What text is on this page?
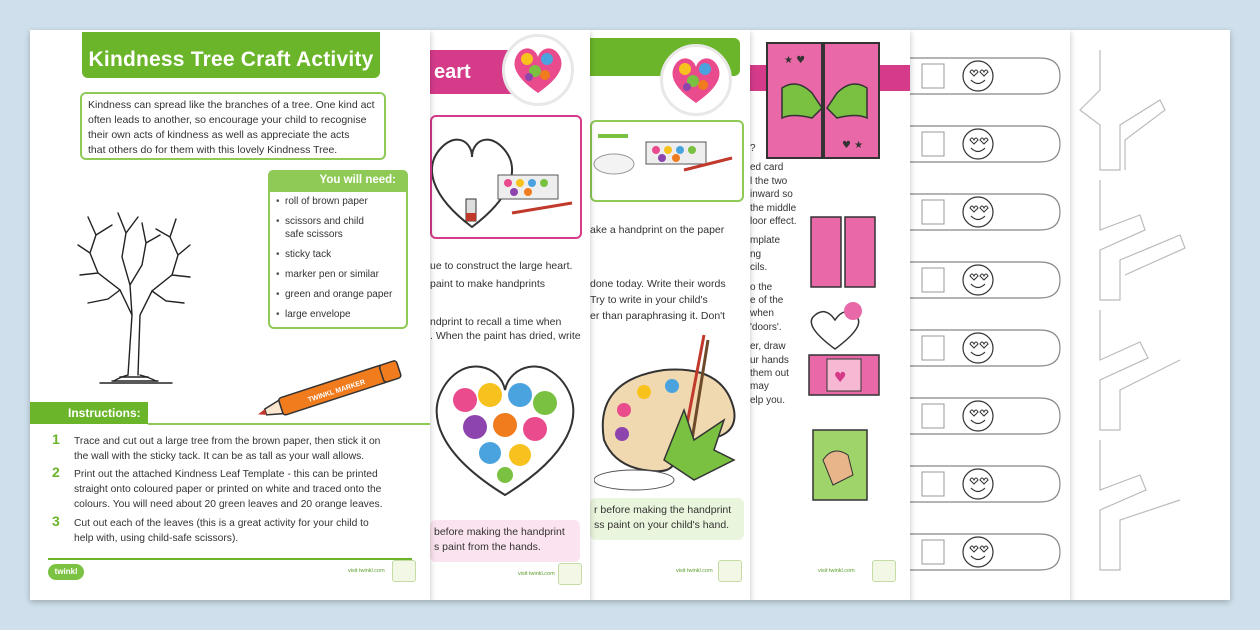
★ ♥
♥ ★
?
ed card
l the two
inward so
the middle
loor effect.
mplate
ng
cils.
o the
e of the
when
'doors'.
er, draw
ur hands
them out
may
elp you.
♥
visit twinkl.com
ake a handprint on the paper
done today. Write their words
Try to write in your child's
er than paraphrasing it. Don't
r before making the handprint
ss paint on your child's hand.
visit twinkl.com
eart
ue to construct the large heart.
paint to make handprints
ndprint to recall a time when
. When the paint has dried, write
before making the handprint
s paint from the hands.
visit twinkl.com
Kindness Tree Craft Activity
Kindness can spread like the branches of a tree. One kind act
often leads to another, so encourage your child to recognise
their own acts of kindness as well as appreciate the acts
that others do for them with this lovely Kindness Tree.
You will need:
• roll of brown paper
• scissors and child
safe scissors
• sticky tack
• marker pen or similar
• green and orange paper
• large envelope
TWINKL MARKER
Instructions:
1 Trace and cut out a large tree from the brown paper, then stick it on
the wall with the sticky tack. It can be as tall as your wall allows.
2 Print out the attached Kindness Leaf Template - this can be printed
straight onto coloured paper or printed on white and traced onto the
colours. You will need about 20 green leaves and 20 orange leaves.
3 Cut out each of the leaves (this is a great activity for your child to
help with, using child-safe scissors).
twinkl	visit twinkl.com
